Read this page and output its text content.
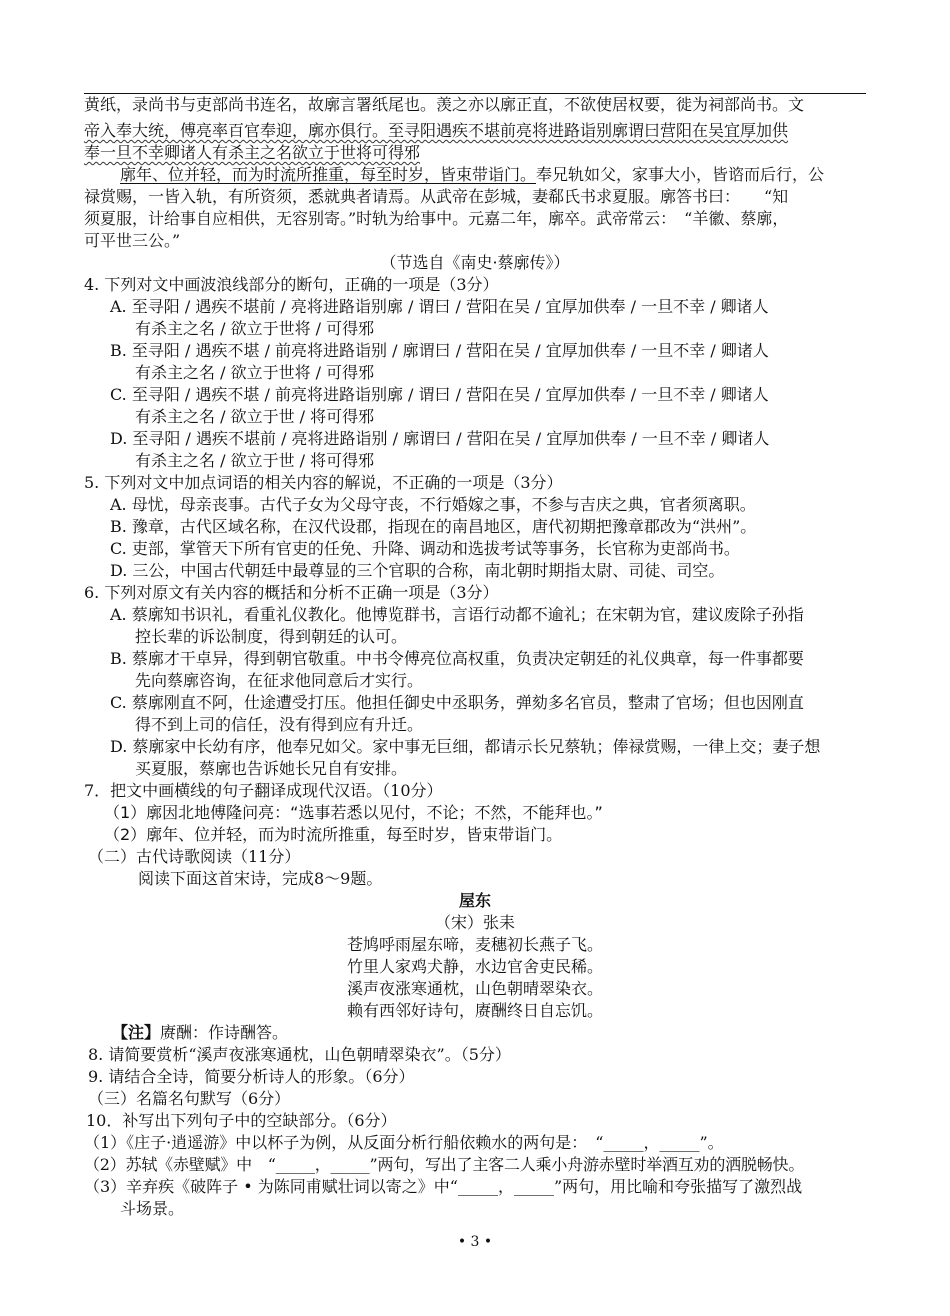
黄纸，录尚书与吏部尚书连名，故廓言署纸尾也。羡之亦以廓正直，不欲使居权要，徙为祠部尚书。文
帝入奉大统，傅亮率百官奉迎，廓亦俱行。至寻阳遇疾不堪前亮将进路诣别廓谓曰营阳在吴宜厚加供
奉一旦不幸卿诸人有杀主之名欲立于世将可得邪
廓年、位并轻，而为时流所推重，每至时岁，皆束带诣门。奉兄轨如父，家事大小，皆谘而后行，公
禄赏赐，一皆入轨，有所资须，悉就典者请焉。从武帝在彭城，妻郗氏书求夏服。廓答书曰：　　“知
须夏服，计给事自应相供，无容别寄。”时轨为给事中。元嘉二年，廓卒。武帝常云：　“羊徽、蔡廓，
可平世三公。”
（节选自《南史·蔡廓传》）
4. 下列对文中画波浪线部分的断句，正确的一项是（3分）
A. 至寻阳 / 遇疾不堪前 / 亮将进路诣别廓 / 谓曰 / 营阳在吴 / 宜厚加供奉 / 一旦不幸 / 卿诸人
有杀主之名 / 欲立于世将 / 可得邪
B. 至寻阳 / 遇疾不堪 / 前亮将进路诣别 / 廓谓曰 / 营阳在吴 / 宜厚加供奉 / 一旦不幸 / 卿诸人
有杀主之名 / 欲立于世将 / 可得邪
C. 至寻阳 / 遇疾不堪 / 前亮将进路诣别廓 / 谓曰 / 营阳在吴 / 宜厚加供奉 / 一旦不幸 / 卿诸人
有杀主之名 / 欲立于世 / 将可得邪
D. 至寻阳 / 遇疾不堪前 / 亮将进路诣别 / 廓谓曰 / 营阳在吴 / 宜厚加供奉 / 一旦不幸 / 卿诸人
有杀主之名 / 欲立于世 / 将可得邪
5. 下列对文中加点词语的相关内容的解说，不正确的一项是（3分）
A. 母忧，母亲丧事。古代子女为父母守丧，不行婚嫁之事，不参与吉庆之典，官者须离职。
B. 豫章，古代区域名称，在汉代设郡，指现在的南昌地区，唐代初期把豫章郡改为“洪州”。
C. 吏部，掌管天下所有官吏的任免、升降、调动和选拔考试等事务，长官称为吏部尚书。
D. 三公，中国古代朝廷中最尊显的三个官职的合称，南北朝时期指太尉、司徒、司空。
6. 下列对原文有关内容的概括和分析不正确一项是（3分）
A. 蔡廓知书识礼，看重礼仪教化。他博览群书，言语行动都不逾礼；在宋朝为官，建议废除子孙指
控长辈的诉讼制度，得到朝廷的认可。
B. 蔡廓才干卓异，得到朝官敬重。中书令傅亮位高权重，负责决定朝廷的礼仪典章，每一件事都要
先向蔡廓咨询，在征求他同意后才实行。
C. 蔡廓刚直不阿，仕途遭受打压。他担任御史中丞职务，弹劾多名官员，整肃了官场；但也因刚直
得不到上司的信任，没有得到应有升迁。
D. 蔡廓家中长幼有序，他奉兄如父。家中事无巨细，都请示长兄蔡轨；俸禄赏赐，一律上交；妻子想
买夏服，蔡廓也告诉她长兄自有安排。
7．把文中画横线的句子翻译成现代汉语。（10分）
（1）廓因北地傅隆问亮：“选事若悉以见付，不论；不然，不能拜也。”
（2）廓年、位并轻，而为时流所推重，每至时岁，皆束带诣门。
（二）古代诗歌阅读（11分）
阅读下面这首宋诗，完成8～9题。
屋东
（宋）张耒
苍鸠呼雨屋东啼，麦穗初长燕子飞。
竹里人家鸡犬静，水边官舍吏民稀。
溪声夜涨寒通枕，山色朝晴翠染衣。
赖有西邻好诗句，赓酬终日自忘饥。
【注】赓酬：作诗酬答。
8. 请简要赏析“溪声夜涨寒通枕，山色朝晴翠染衣”。（5分）
9. 请结合全诗，简要分析诗人的形象。（6分）
（三）名篇名句默写（6分）
10．补写出下列句子中的空缺部分。（6分）
（1）《庄子·逍遥游》中以杯子为例，从反面分析行船依赖水的两句是：　“_____，_____”。
（2）苏轼《赤壁赋》中　“_____，_____”两句，写出了主客二人乘小舟游赤壁时举酒互劝的洒脱畅快。
（3）辛弃疾《破阵子 • 为陈同甫赋壮词以寄之》中“_____，_____”两句，用比喻和夸张描写了激烈战
斗场景。
• 3 •
